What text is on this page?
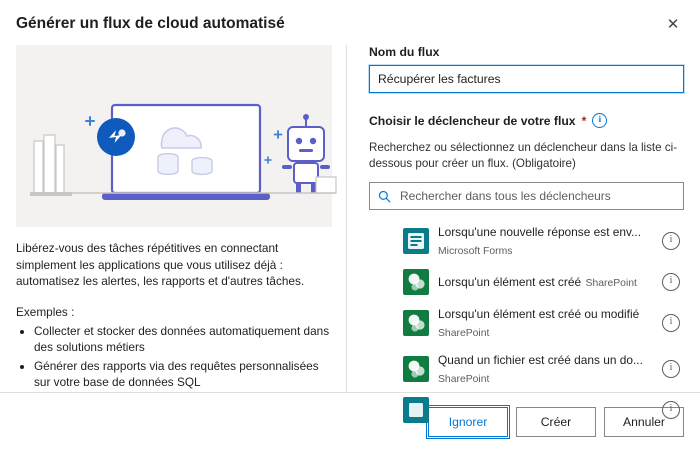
Générer un flux de cloud automatisé	✕
Libérez-vous des tâches répétitives en connectant simplement les applications que vous utilisez déjà : automatisez les alertes, les rapports et d'autres tâches.
Exemples :
• Collecter et stocker des données automatiquement dans des solutions métiers
• Générer des rapports via des requêtes personnalisées sur votre base de données SQL
Nom du flux
Récupérer les factures
Choisir le déclencheur de votre flux *	i
Recherchez ou sélectionnez un déclencheur dans la liste ci-dessous pour créer un flux. (Obligatoire)
Rechercher dans tous les déclencheurs
Lorsqu'une nouvelle réponse est env... Microsoft Forms
i
Lorsqu'un élément est créé SharePoint	i
Lorsqu'un élément est créé ou modifié SharePoint
i
Quand un fichier est créé dans un do... SharePoint
i
i
Ignorer	Créer	Annuler
